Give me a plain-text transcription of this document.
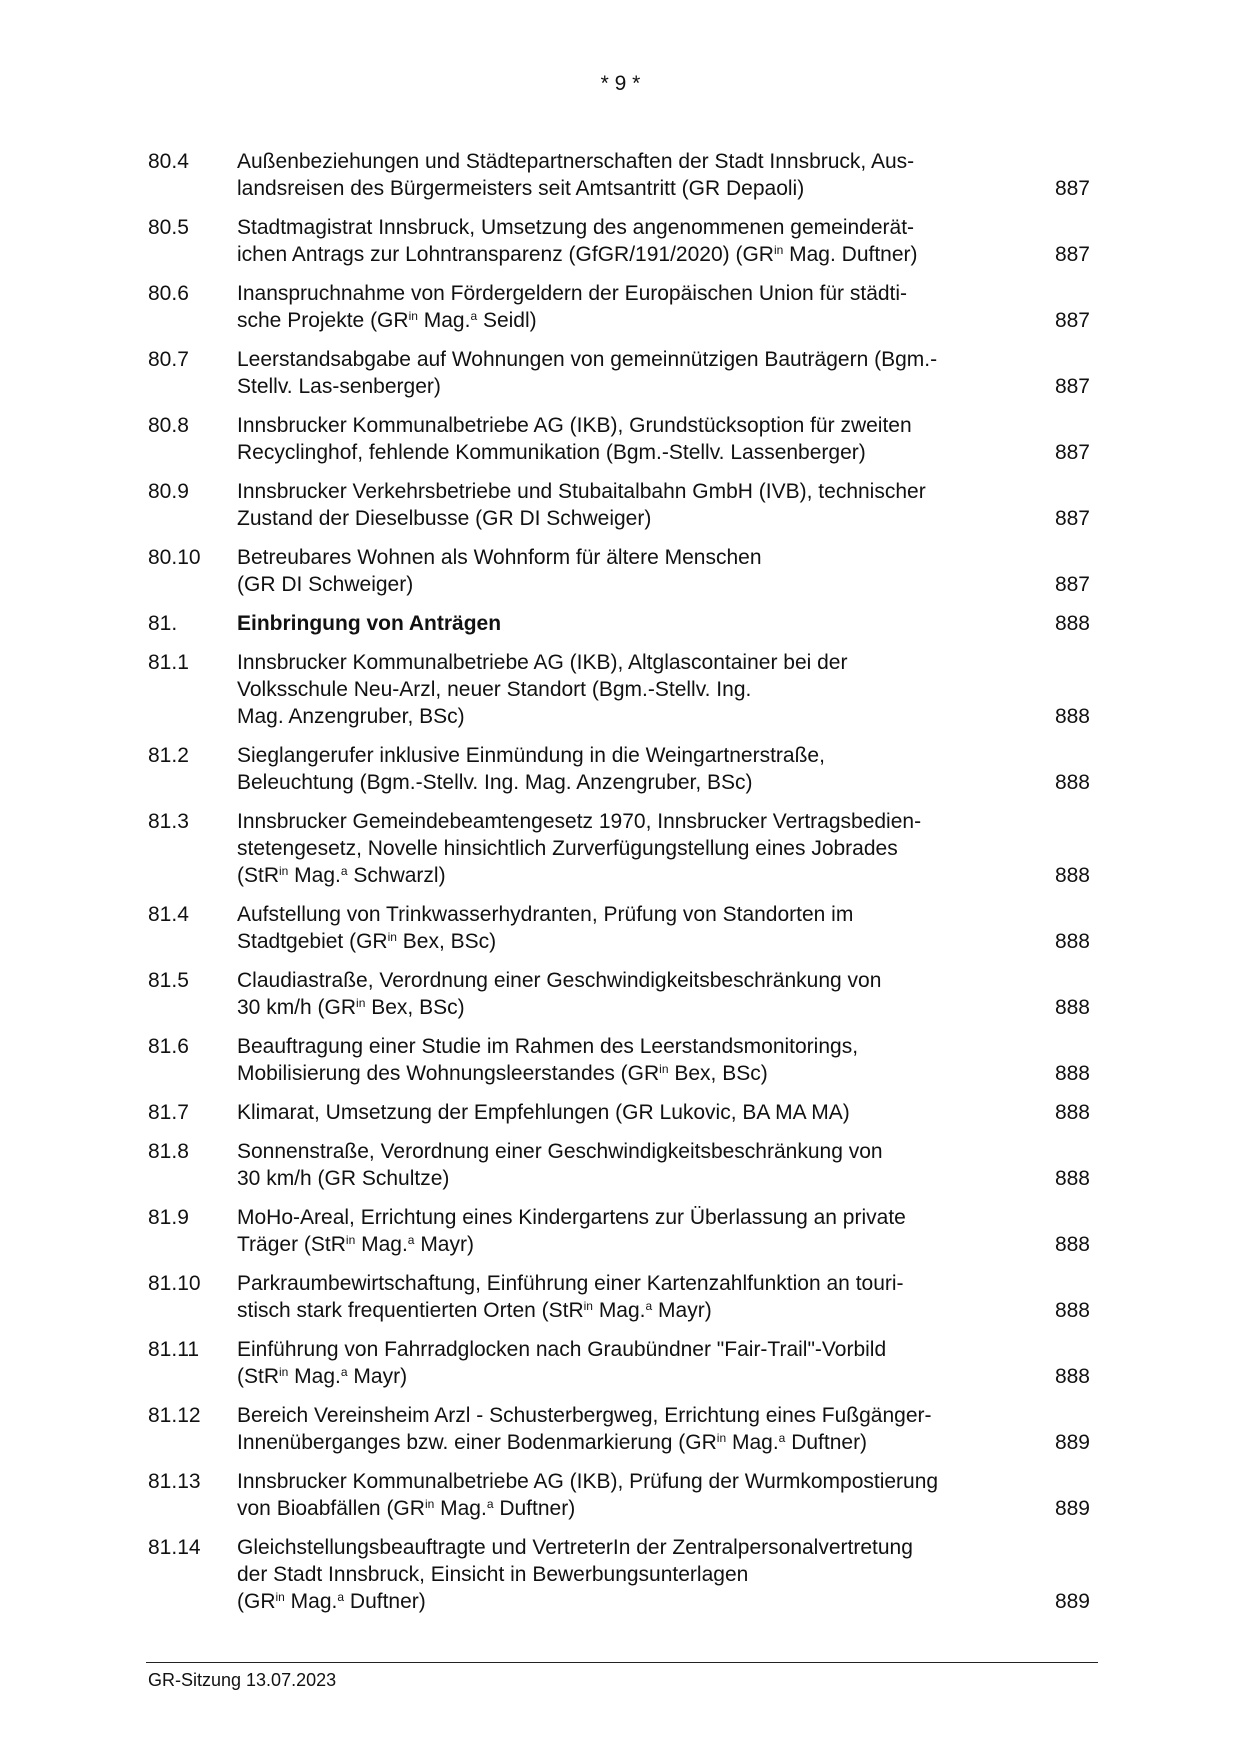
* 9 *
80.4	Außenbeziehungen und Städtepartnerschaften der Stadt Innsbruck, Aus-
landsreisen des Bürgermeisters seit Amtsantritt (GR Depaoli)	887
80.5	Stadtmagistrat Innsbruck, Umsetzung des angenommenen gemeinderät-
ichen Antrags zur Lohntransparenz (GfGR/191/2020) ($GR^{in}$ Mag. Duftner)	887
80.6	Inanspruchnahme von Fördergeldern der Europäischen Union für städti-
sche Projekte ($GR^{in}$ Mag.$^a$ Seidl)	887
80.7	Leerstandsabgabe auf Wohnungen von gemeinnützigen Bauträgern (Bgm.-
Stellv. Las-senberger)	887
80.8	Innsbrucker Kommunalbetriebe AG (IKB), Grundstücksoption für zweiten
Recyclinghof, fehlende Kommunikation (Bgm.-Stellv. Lassenberger)	887
80.9	Innsbrucker Verkehrsbetriebe und Stubaitalbahn GmbH (IVB), technischer
Zustand der Dieselbusse (GR DI Schweiger)	887
80.10	Betreubares Wohnen als Wohnform für ältere Menschen
(GR DI Schweiger)	887
81.	Einbringung von Anträgen	888
81.1	Innsbrucker Kommunalbetriebe AG (IKB), Altglascontainer bei der
Volksschule Neu-Arzl, neuer Standort (Bgm.-Stellv. Ing.
Mag. Anzengruber, BSc)	888
81.2	Sieglangerufer inklusive Einmündung in die Weingartnerstraße,
Beleuchtung (Bgm.-Stellv. Ing. Mag. Anzengruber, BSc)	888
81.3	Innsbrucker Gemeindebeamtengesetz 1970, Innsbrucker Vertragsbedien-
stetengesetz, Novelle hinsichtlich Zurverfügungstellung eines Jobrades
(StR$^{in}$ Mag.$^a$ Schwarzl)	888
81.4	Aufstellung von Trinkwasserhydranten, Prüfung von Standorten im
Stadtgebiet ($GR^{in}$ Bex, BSc)	888
81.5	Claudiastraße, Verordnung einer Geschwindigkeitsbeschränkung von
30 km/h ($GR^{in}$ Bex, BSc)	888
81.6	Beauftragung einer Studie im Rahmen des Leerstandsmonitorings,
Mobilisierung des Wohnungsleerstandes ($GR^{in}$ Bex, BSc)	888
81.7	Klimarat, Umsetzung der Empfehlungen (GR Lukovic, BA MA MA)	888
81.8	Sonnenstraße, Verordnung einer Geschwindigkeitsbeschränkung von
30 km/h (GR Schultze)	888
81.9	MoHo-Areal, Errichtung eines Kindergartens zur Überlassung an private
Träger (StR$^{in}$ Mag.$^a$ Mayr)	888
81.10	Parkraumbewirtschaftung, Einführung einer Kartenzahlfunktion an touri-
stisch stark frequentierten Orten (StR$^{in}$ Mag.$^a$ Mayr)	888
81.11	Einführung von Fahrradglocken nach Graubündner "Fair-Trail"-Vorbild
(StR$^{in}$ Mag.$^a$ Mayr)	888
81.12	Bereich Vereinsheim Arzl - Schusterbergweg, Errichtung eines Fußgänger-
Innenüberganges bzw. einer Bodenmarkierung ($GR^{in}$ Mag.$^a$ Duftner)	889
81.13	Innsbrucker Kommunalbetriebe AG (IKB), Prüfung der Wurmkompostierung
von Bioabfällen ($GR^{in}$ Mag.$^a$ Duftner)	889
81.14	Gleichstellungsbeauftragte und VertreterIn der Zentralpersonalvertretung
der Stadt Innsbruck, Einsicht in Bewerbungsunterlagen
($GR^{in}$ Mag.$^a$ Duftner)	889
GR-Sitzung 13.07.2023
